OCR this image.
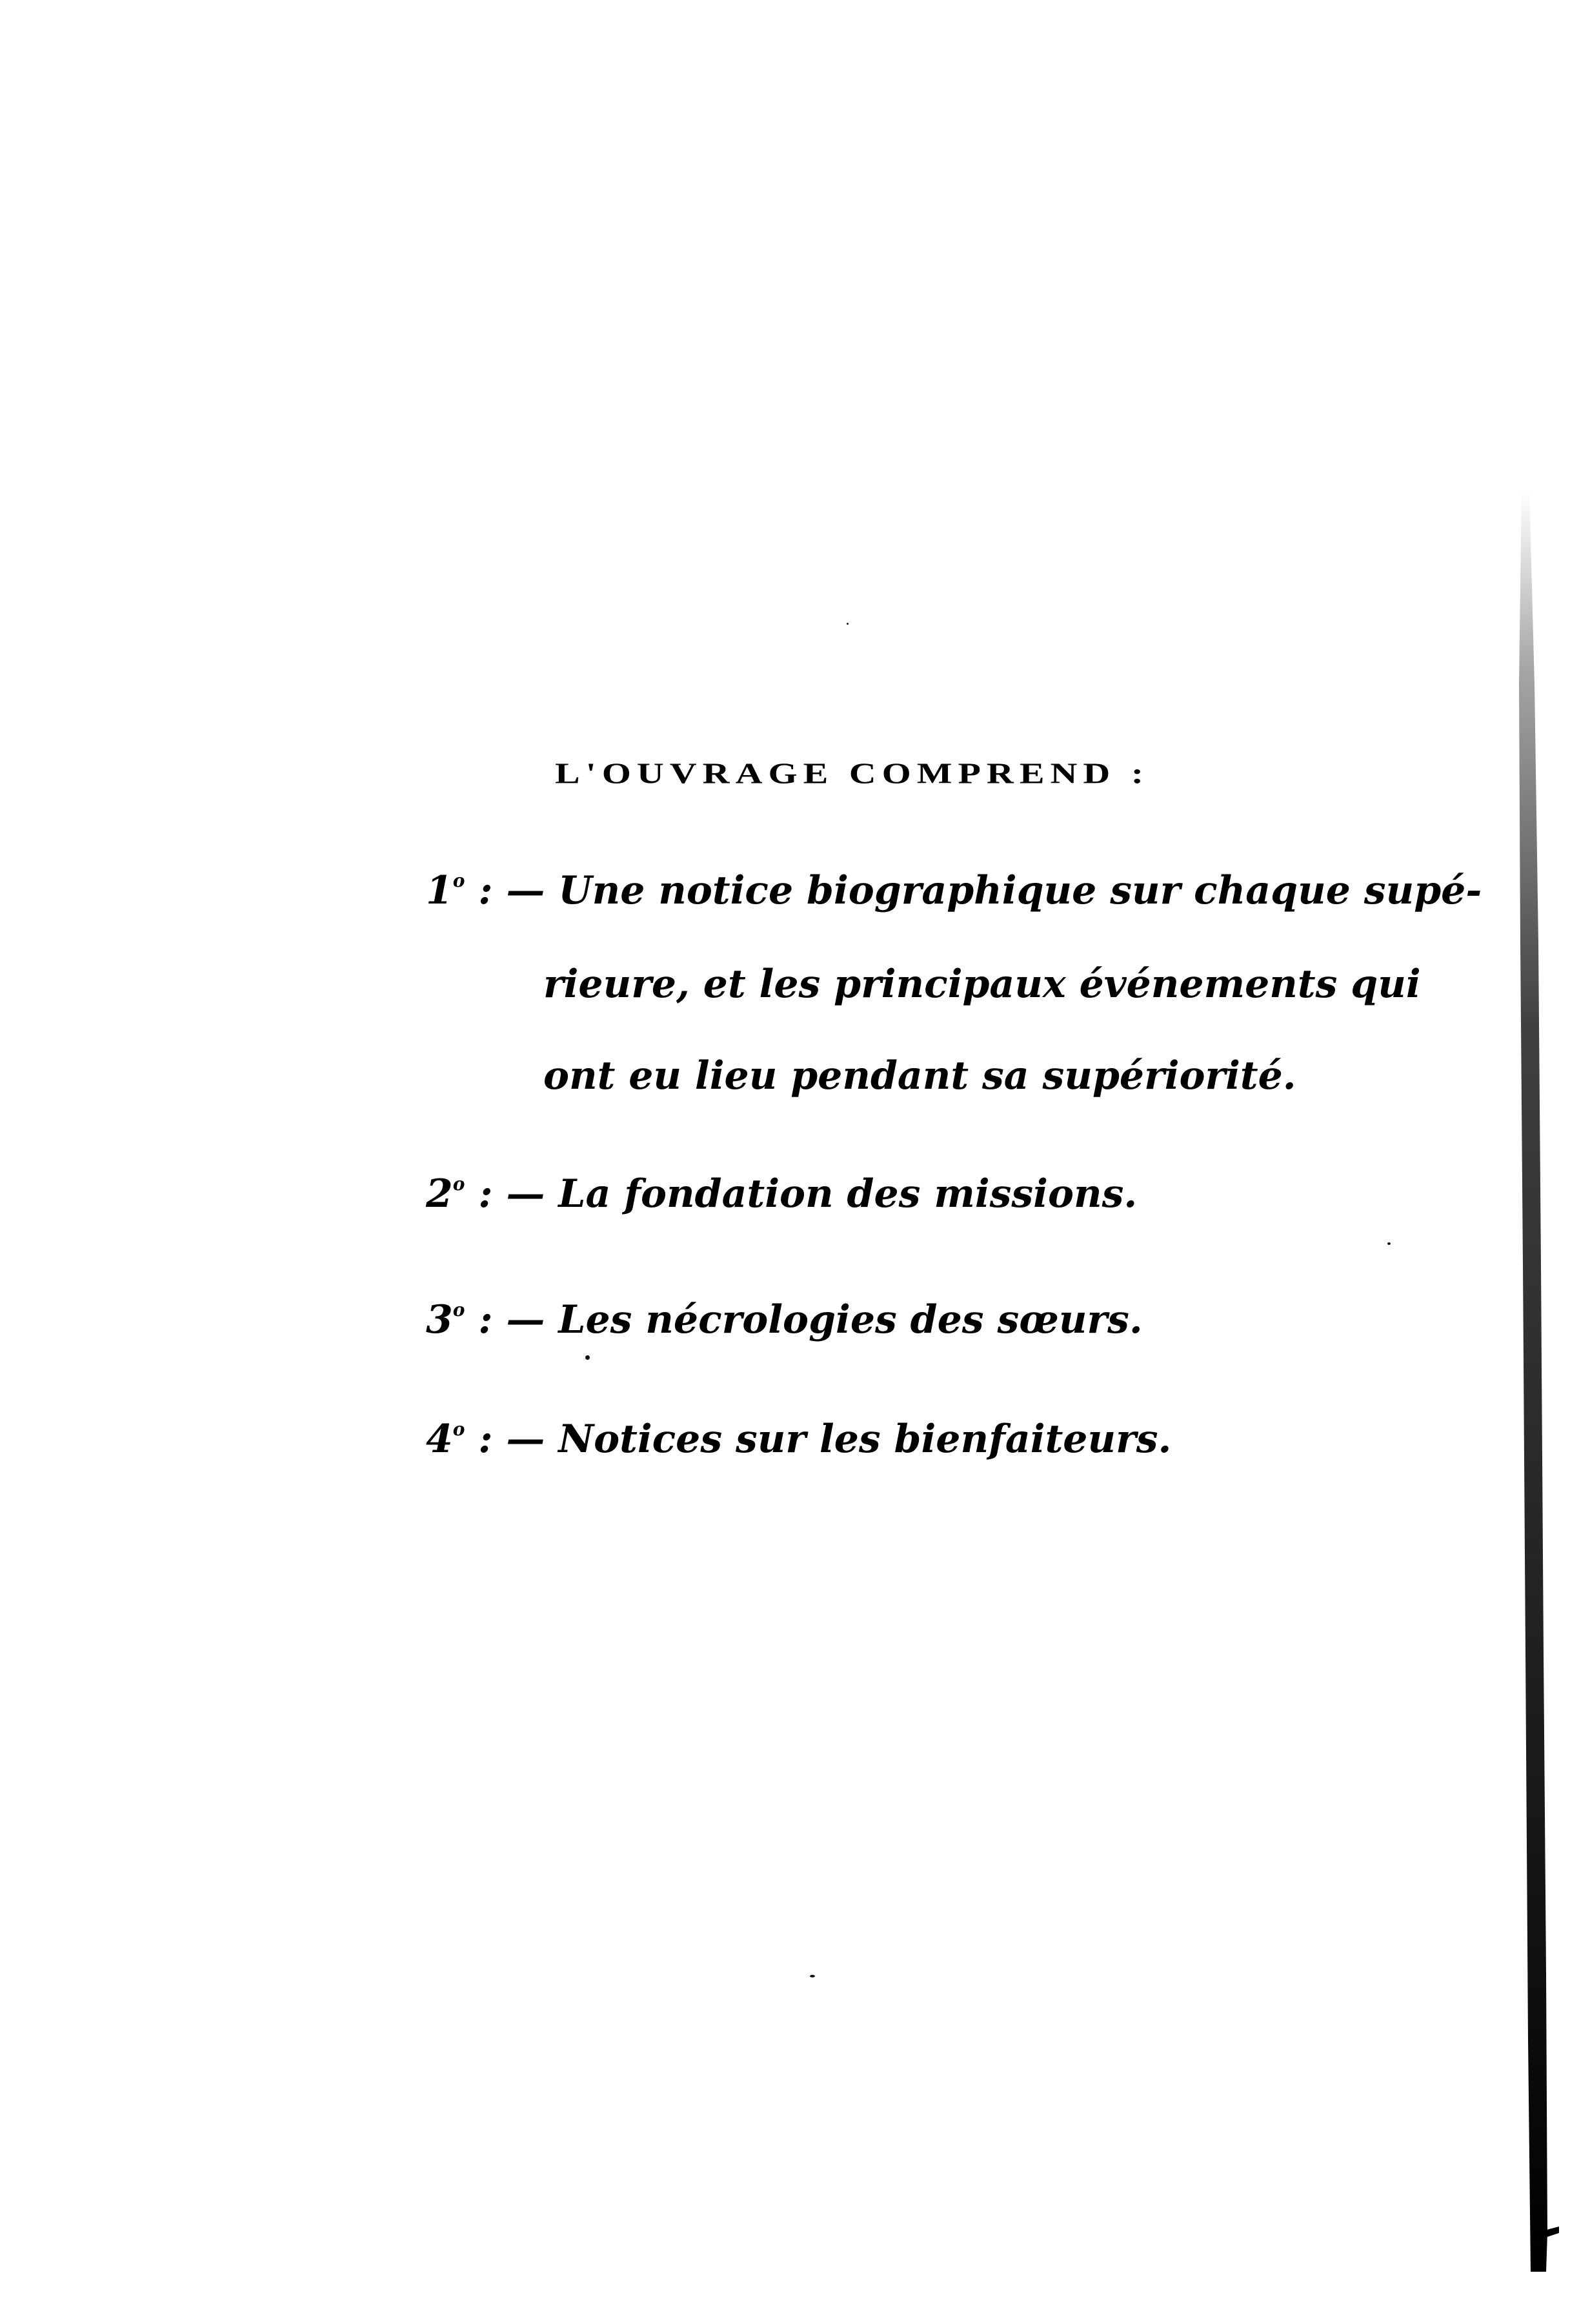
L'OUVRAGE COMPREND :
1$^o$ : — Une notice biographique sur chaque supé-
rieure, et les principaux événements qui
ont eu lieu pendant sa supériorité.
2$^o$ : — La fondation des missions.
3$^o$ : — Les nécrologies des sœurs.
4$^o$ : — Notices sur les bienfaiteurs.
